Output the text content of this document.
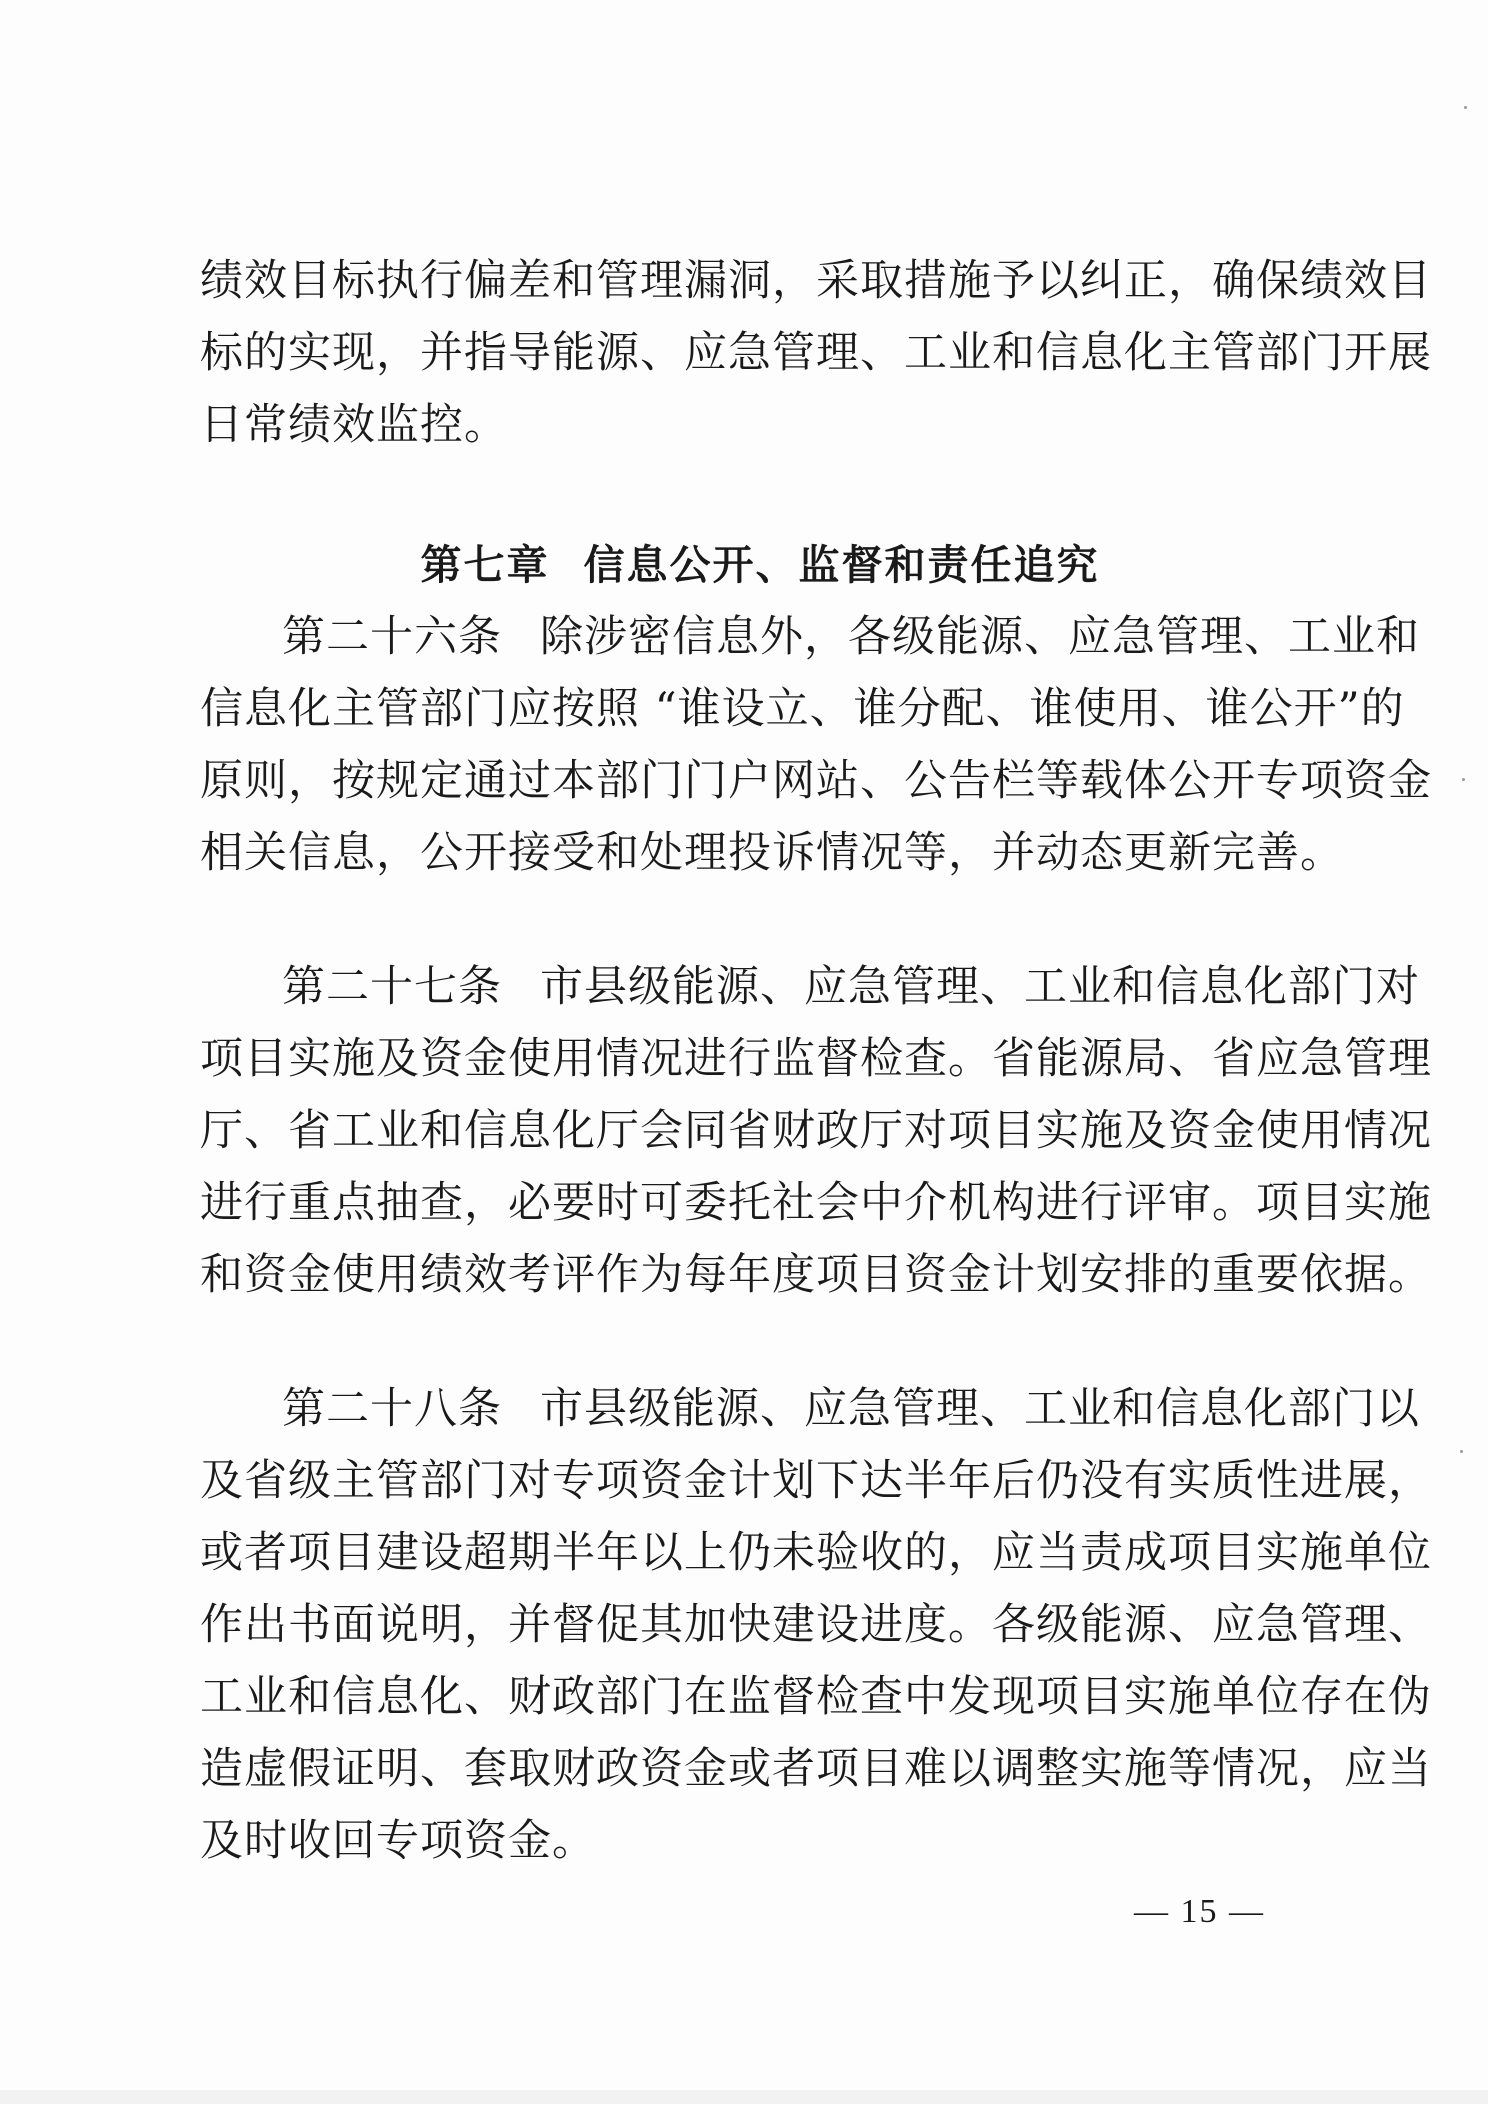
绩效目标执行偏差和管理漏洞，采取措施予以纠正，确保绩效目
标的实现，并指导能源、应急管理、工业和信息化主管部门开展
日常绩效监控。
第七章 信息公开、监督和责任追究
第二十六条 除涉密信息外，各级能源、应急管理、工业和
信息化主管部门应按照 “谁设立、谁分配、谁使用、谁公开”的
原则，按规定通过本部门门户网站、公告栏等载体公开专项资金
相关信息，公开接受和处理投诉情况等，并动态更新完善。
第二十七条 市县级能源、应急管理、工业和信息化部门对
项目实施及资金使用情况进行监督检查。省能源局、省应急管理
厅、省工业和信息化厅会同省财政厅对项目实施及资金使用情况
进行重点抽查，必要时可委托社会中介机构进行评审。项目实施
和资金使用绩效考评作为每年度项目资金计划安排的重要依据。
第二十八条 市县级能源、应急管理、工业和信息化部门以
及省级主管部门对专项资金计划下达半年后仍没有实质性进展，
或者项目建设超期半年以上仍未验收的，应当责成项目实施单位
作出书面说明，并督促其加快建设进度。各级能源、应急管理、
工业和信息化、财政部门在监督检查中发现项目实施单位存在伪
造虚假证明、套取财政资金或者项目难以调整实施等情况，应当
及时收回专项资金。
— 15 —
